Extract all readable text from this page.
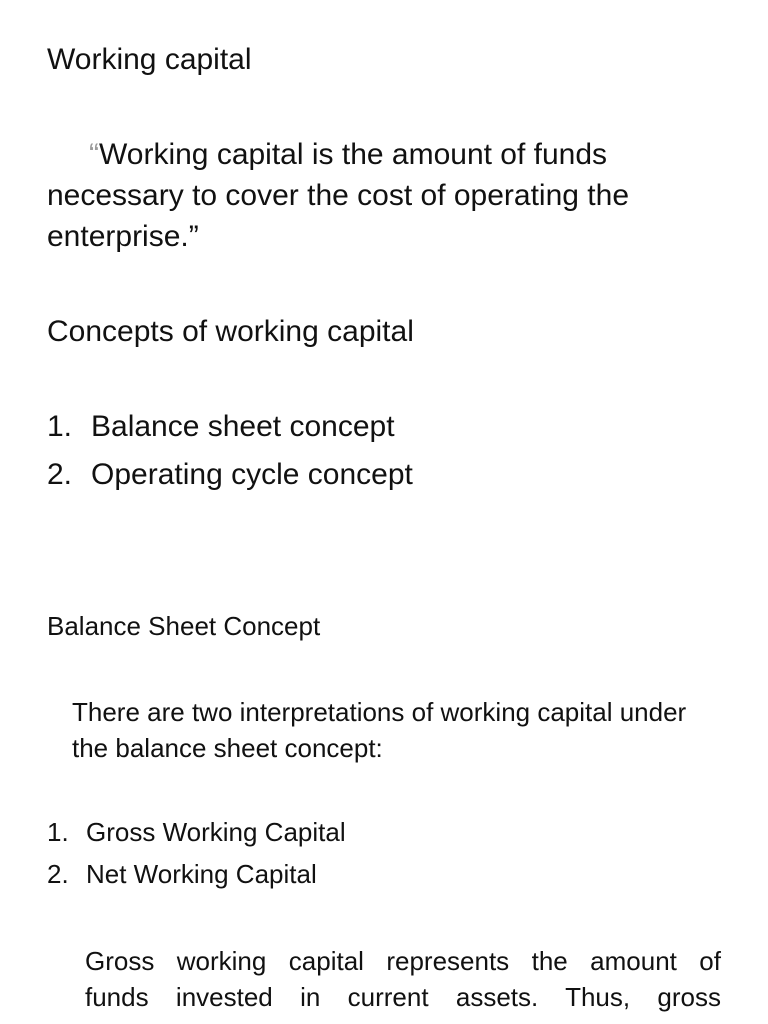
Working capital
“Working capital is the amount of funds necessary to cover the cost of operating the enterprise.”
Concepts of working capital
1. Balance sheet concept
2. Operating cycle concept
Balance Sheet Concept
There are two interpretations of working capital under the balance sheet concept:
1. Gross Working Capital
2. Net Working Capital
Gross working capital represents the amount of
funds invested in current assets. Thus, gross
